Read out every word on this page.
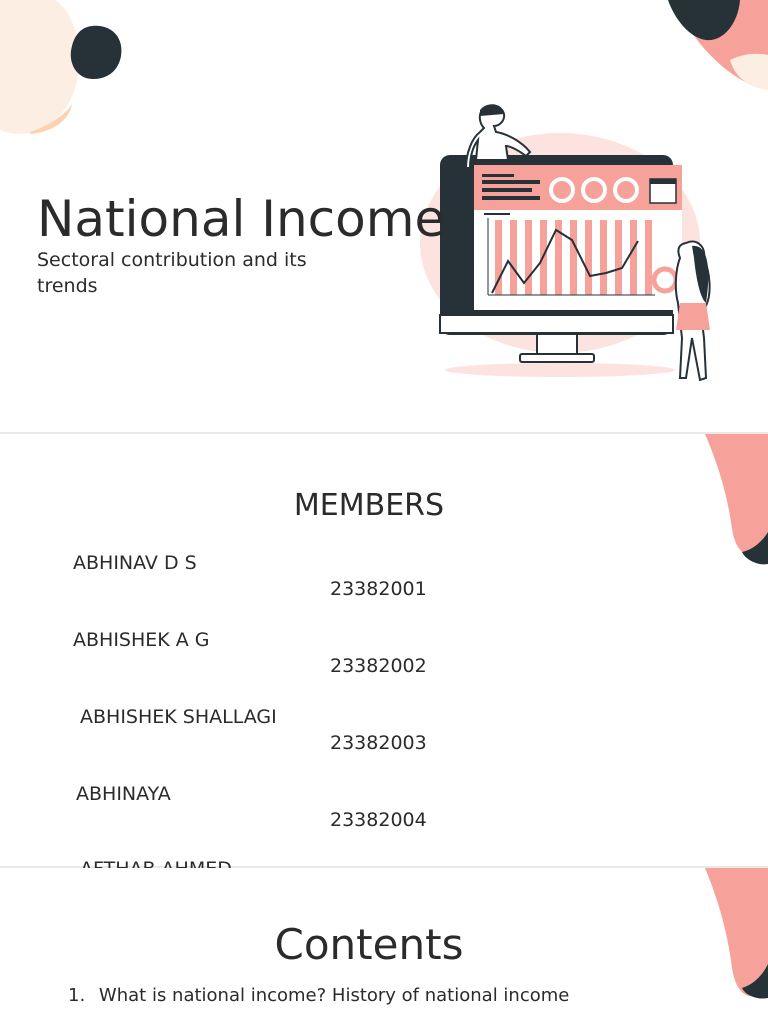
National Income
Sectoral contribution and its trends
MEMBERS
ABHINAV D S
23382001
ABHISHEK A G
23382002
ABHISHEK SHALLAGI
23382003
ABHINAYA
23382004
Contents
1. What is national income? History of national income
